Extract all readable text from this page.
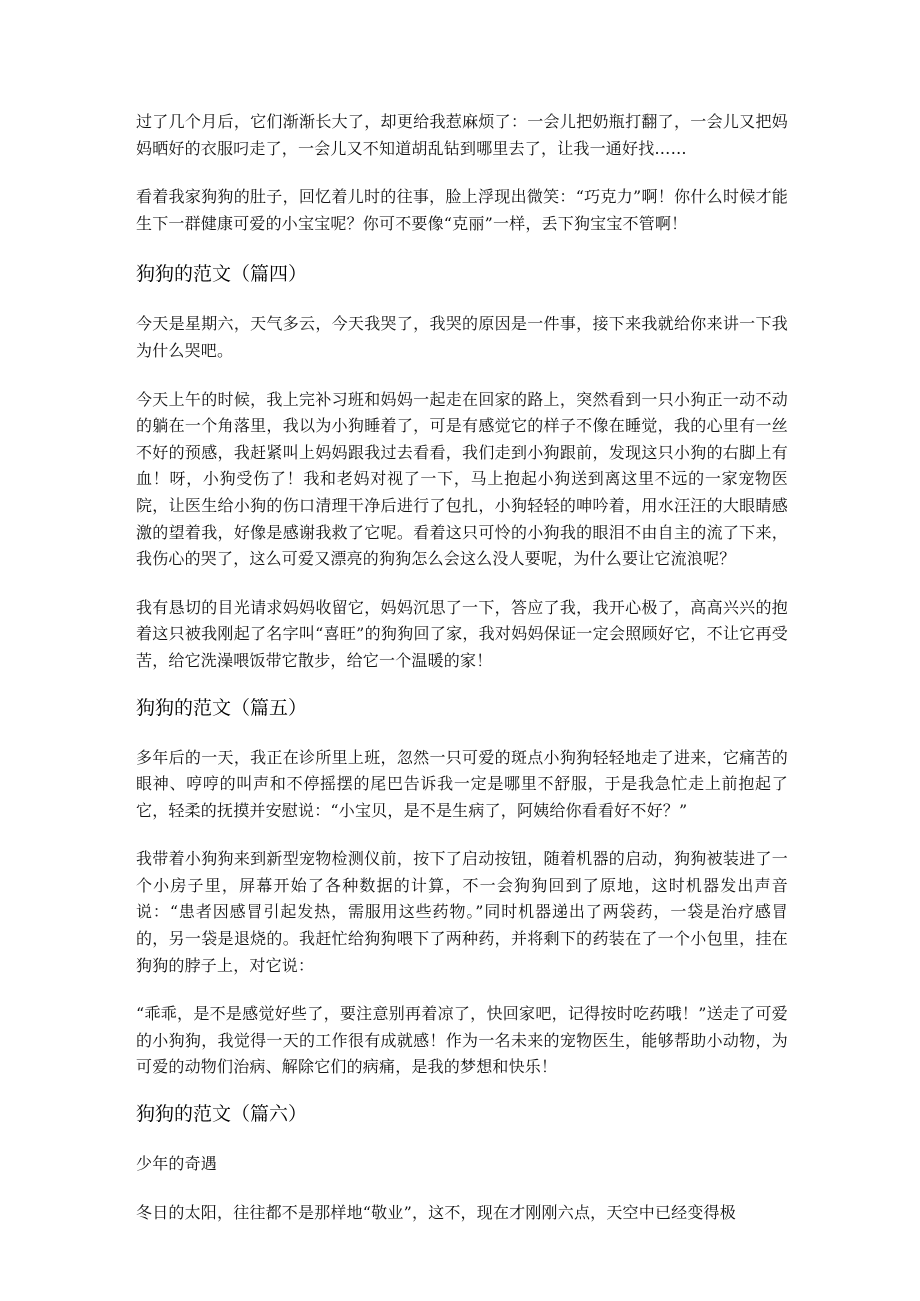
过了几个月后，它们渐渐长大了，却更给我惹麻烦了：一会儿把奶瓶打翻了，一会儿又把妈妈晒好的衣服叼走了，一会儿又不知道胡乱钻到哪里去了，让我一通好找……

看着我家狗狗的肚子，回忆着儿时的往事，脸上浮现出微笑：“巧克力”啊！你什么时候才能生下一群健康可爱的小宝宝呢？你可不要像“克丽”一样，丢下狗宝宝不管啊！

狗狗的范文（篇四）

今天是星期六，天气多云，今天我哭了，我哭的原因是一件事，接下来我就给你来讲一下我为什么哭吧。

今天上午的时候，我上完补习班和妈妈一起走在回家的路上，突然看到一只小狗正一动不动的躺在一个角落里，我以为小狗睡着了，可是有感觉它的样子不像在睡觉，我的心里有一丝不好的预感，我赶紧叫上妈妈跟我过去看看，我们走到小狗跟前，发现这只小狗的右脚上有血！呀，小狗受伤了！我和老妈对视了一下，马上抱起小狗送到离这里不远的一家宠物医院，让医生给小狗的伤口清理干净后进行了包扎，小狗轻轻的呻吟着，用水汪汪的大眼睛感激的望着我，好像是感谢我救了它呢。看着这只可怜的小狗我的眼泪不由自主的流了下来，我伤心的哭了，这么可爱又漂亮的狗狗怎么会这么没人要呢，为什么要让它流浪呢？

我有恳切的目光请求妈妈收留它，妈妈沉思了一下，答应了我，我开心极了，高高兴兴的抱着这只被我刚起了名字叫“喜旺”的狗狗回了家，我对妈妈保证一定会照顾好它，不让它再受苦，给它洗澡喂饭带它散步，给它一个温暖的家！

狗狗的范文（篇五）

多年后的一天，我正在诊所里上班，忽然一只可爱的斑点小狗狗轻轻地走了进来，它痛苦的眼神、哼哼的叫声和不停摇摆的尾巴告诉我一定是哪里不舒服，于是我急忙走上前抱起了它，轻柔的抚摸并安慰说：“小宝贝，是不是生病了，阿姨给你看看好不好？”

我带着小狗狗来到新型宠物检测仪前，按下了启动按钮，随着机器的启动，狗狗被装进了一个小房子里，屏幕开始了各种数据的计算，不一会狗狗回到了原地，这时机器发出声音说：“患者因感冒引起发热，需服用这些药物。”同时机器递出了两袋药，一袋是治疗感冒的，另一袋是退烧的。我赶忙给狗狗喂下了两种药，并将剩下的药装在了一个小包里，挂在狗狗的脖子上，对它说：

“乖乖，是不是感觉好些了，要注意别再着凉了，快回家吧，记得按时吃药哦！”送走了可爱的小狗狗，我觉得一天的工作很有成就感！作为一名未来的宠物医生，能够帮助小动物，为可爱的动物们治病、解除它们的病痛，是我的梦想和快乐！

狗狗的范文（篇六）

少年的奇遇

冬日的太阳，往往都不是那样地“敬业”，这不，现在才刚刚六点，天空中已经变得极
